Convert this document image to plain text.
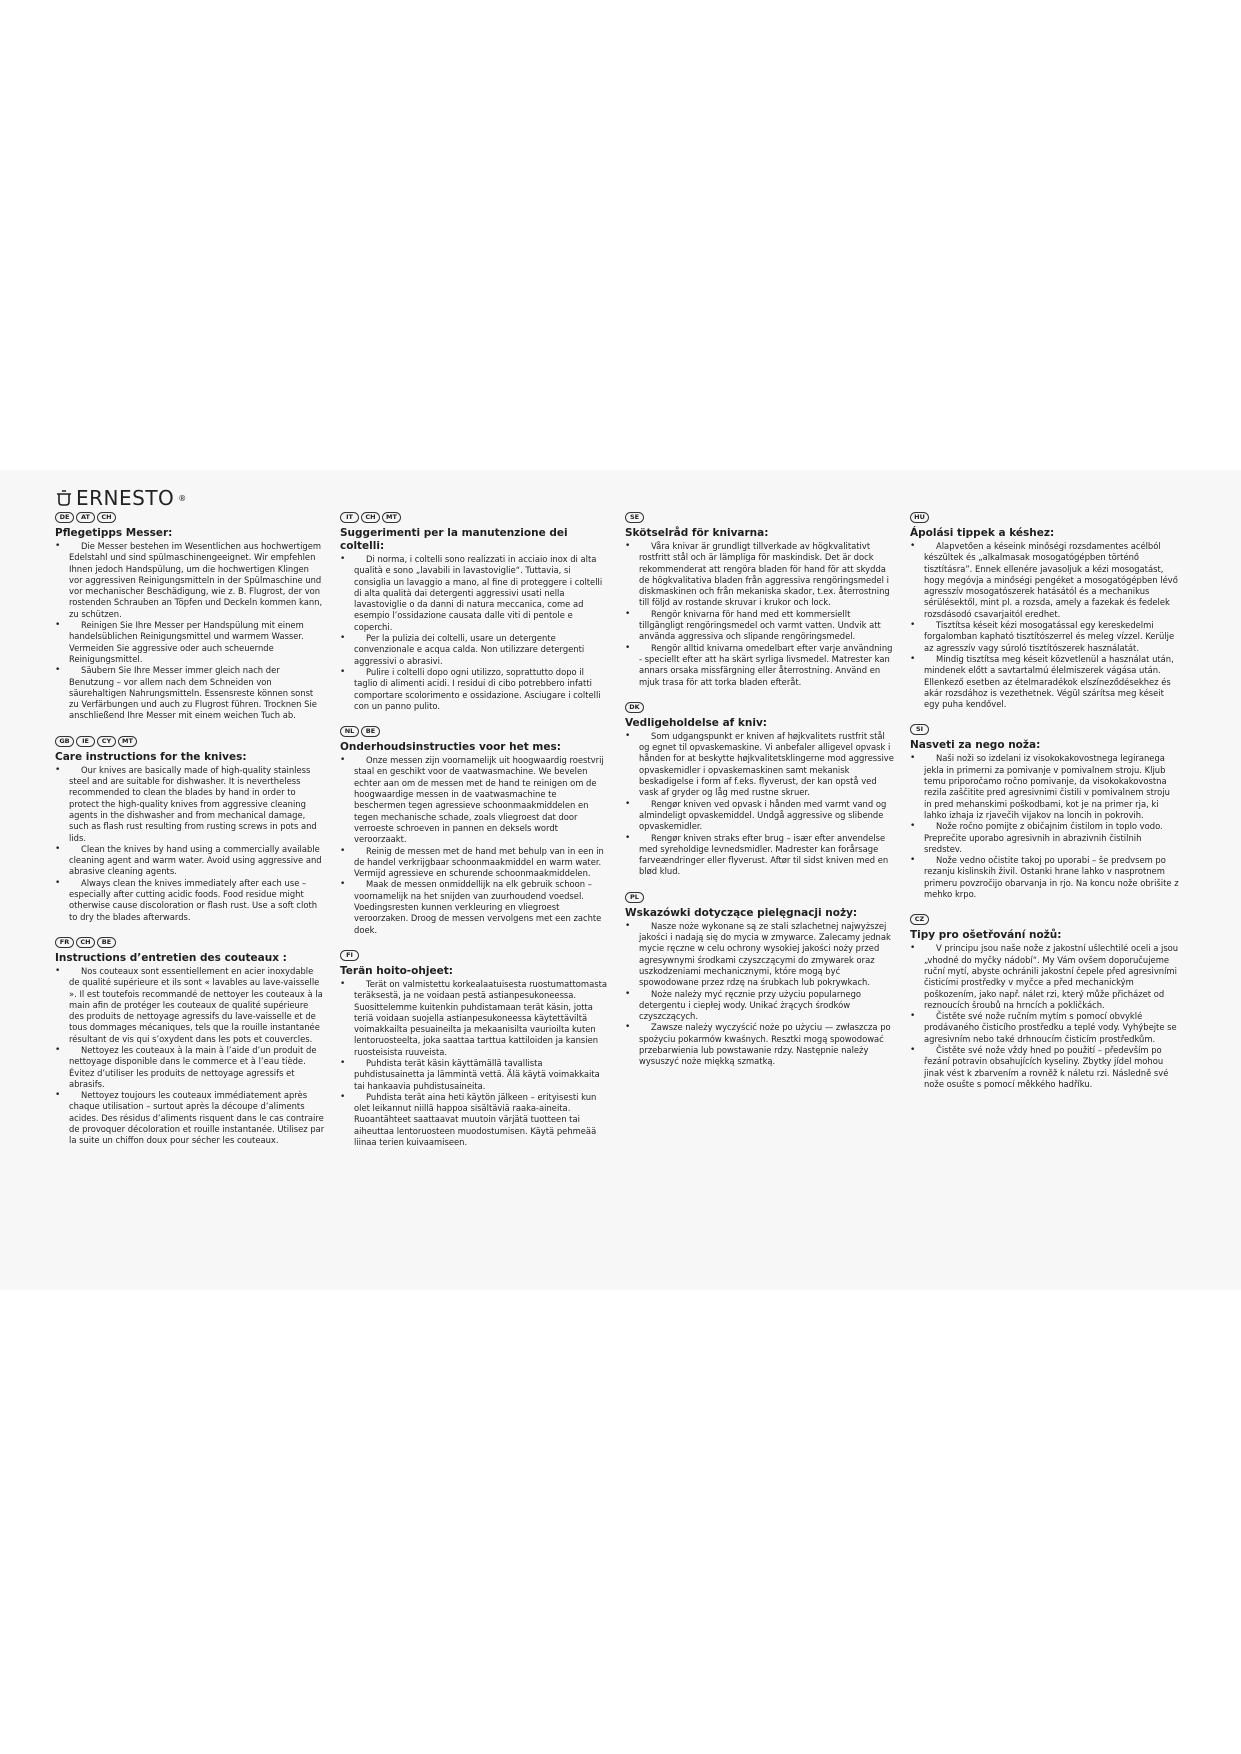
ERNESTO ®
DE	AT	CH
Pflegetipps Messer:
• Die Messer bestehen im Wesentlichen aus hochwertigem Edelstahl und sind spülmaschinengeeignet. Wir empfehlen Ihnen jedoch Handspülung, um die hochwertigen Klingen vor aggressiven Reinigungsmitteln in der Spülmaschine und vor mechanischer Beschädigung, wie z. B. Flugrost, der von rostenden Schrauben an Töpfen und Deckeln kommen kann, zu schützen.
• Reinigen Sie Ihre Messer per Handspülung mit einem handelsüblichen Reinigungsmittel und warmem Wasser. Vermeiden Sie aggressive oder auch scheuernde Reinigungsmittel.
• Säubern Sie Ihre Messer immer gleich nach der Benutzung – vor allem nach dem Schneiden von säurehaltigen Nahrungsmitteln. Essensreste können sonst zu Verfärbungen und auch zu Flugrost führen. Trocknen Sie anschließend Ihre Messer mit einem weichen Tuch ab.
GB	IE	CY	MT
Care instructions for the knives:
• Our knives are basically made of high-quality stainless steel and are suitable for dishwasher. It is nevertheless recommended to clean the blades by hand in order to protect the high-quality knives from aggressive cleaning agents in the dishwasher and from mechanical damage, such as flash rust resulting from rusting screws in pots and lids.
• Clean the knives by hand using a commercially available cleaning agent and warm water. Avoid using aggressive and abrasive cleaning agents.
• Always clean the knives immediately after each use – especially after cutting acidic foods. Food residue might otherwise cause discoloration or flash rust. Use a soft cloth to dry the blades afterwards.
FR	CH	BE
Instructions d’entretien des couteaux :
• Nos couteaux sont essentiellement en acier inoxydable de qualité supérieure et ils sont « lavables au lave-vaisselle ». Il est toutefois recommandé de nettoyer les couteaux à la main afin de protéger les couteaux de qualité supérieure des produits de nettoyage agressifs du lave-vaisselle et de tous dommages mécaniques, tels que la rouille instantanée résultant de vis qui s’oxydent dans les pots et couvercles.
• Nettoyez les couteaux à la main à l’aide d’un produit de nettoyage disponible dans le commerce et à l’eau tiède. Évitez d’utiliser les produits de nettoyage agressifs et abrasifs.
• Nettoyez toujours les couteaux immédiatement après chaque utilisation – surtout après la découpe d’aliments acides. Des résidus d’aliments risquent dans le cas contraire de provoquer décoloration et rouille instantanée. Utilisez par la suite un chiffon doux pour sécher les couteaux.
IT	CH	MT
Suggerimenti per la manutenzione dei coltelli:
• Di norma, i coltelli sono realizzati in acciaio inox di alta qualità e sono „lavabili in lavastoviglie“. Tuttavia, si consiglia un lavaggio a mano, al fine di proteggere i coltelli di alta qualità dai detergenti aggressivi usati nella lavastoviglie o da danni di natura meccanica, come ad esempio l’ossidazione causata dalle viti di pentole e coperchi.
• Per la pulizia dei coltelli, usare un detergente convenzionale e acqua calda. Non utilizzare detergenti aggressivi o abrasivi.
• Pulire i coltelli dopo ogni utilizzo, soprattutto dopo il taglio di alimenti acidi. I residui di cibo potrebbero infatti comportare scolorimento e ossidazione. Asciugare i coltelli con un panno pulito.
NL	BE
Onderhoudsinstructies voor het mes:
• Onze messen zijn voornamelijk uit hoogwaardig roestvrij staal en geschikt voor de vaatwasmachine. We bevelen echter aan om de messen met de hand te reinigen om de hoogwaardige messen in de vaatwasmachine te beschermen tegen agressieve schoonmaakmiddelen en tegen mechanische schade, zoals vliegroest dat door verroeste schroeven in pannen en deksels wordt veroorzaakt.
• Reinig de messen met de hand met behulp van in een in de handel verkrijgbaar schoonmaakmiddel en warm water. Vermijd agressieve en schurende schoonmaakmiddelen.
• Maak de messen onmiddellijk na elk gebruik schoon – voornamelijk na het snijden van zuurhoudend voedsel. Voedingsresten kunnen verkleuring en vliegroest veroorzaken. Droog de messen vervolgens met een zachte doek.
FI
Terän hoito-ohjeet:
• Terät on valmistettu korkealaatuisesta ruostumattomasta teräksestä, ja ne voidaan pestä astianpesukoneessa. Suosittelemme kuitenkin puhdistamaan terät käsin, jotta teriä voidaan suojella astianpesukoneessa käytettäviltä voimakkailta pesuaineilta ja mekaanisilta vaurioilta kuten lentoruosteelta, joka saattaa tarttua kattiloiden ja kansien ruosteisista ruuveista.
• Puhdista terät käsin käyttämällä tavallista puhdistusainetta ja lämmintä vettä. Älä käytä voimakkaita tai hankaavia puhdistusaineita.
• Puhdista terät aina heti käytön jälkeen – erityisesti kun olet leikannut niillä happoa sisältäviä raaka-aineita. Ruoantähteet saattaavat muutoin värjätä tuotteen tai aiheuttaa lentoruosteen muodostumisen. Käytä pehmeää liinaa terien kuivaamiseen.
SE
Skötselråd för knivarna:
• Våra knivar är grundligt tillverkade av högkvalitativt rostfritt stål och är lämpliga för maskindisk. Det är dock rekommenderat att rengöra bladen för hand för att skydda de högkvalitativa bladen från aggressiva rengöringsmedel i diskmaskinen och från mekaniska skador, t.ex. återrostning till följd av rostande skruvar i krukor och lock.
• Rengör knivarna för hand med ett kommersiellt tillgängligt rengöringsmedel och varmt vatten. Undvik att använda aggressiva och slipande rengöringsmedel.
• Rengör alltid knivarna omedelbart efter varje användning - speciellt efter att ha skärt syrliga livsmedel. Matrester kan annars orsaka missfärgning eller återrostning. Använd en mjuk trasa för att torka bladen efteråt.
DK
Vedligeholdelse af kniv:
• Som udgangspunkt er kniven af højkvalitets rustfrit stål og egnet til opvaskemaskine. Vi anbefaler alligevel opvask i hånden for at beskytte højkvalitetsklingerne mod aggressive opvaskemidler i opvaskemaskinen samt mekanisk beskadigelse i form af f.eks. flyverust, der kan opstå ved vask af gryder og låg med rustne skruer.
• Rengør kniven ved opvask i hånden med varmt vand og almindeligt opvaskemiddel. Undgå aggressive og slibende opvaskemidler.
• Rengør kniven straks efter brug – især efter anvendelse med syreholdige levnedsmidler. Madrester kan forårsage farveændringer eller flyverust. Aftør til sidst kniven med en blød klud.
PL
Wskazówki dotyczące pielęgnacji noży:
• Nasze noże wykonane są ze stali szlachetnej najwyższej jakości i nadają się do mycia w zmywarce. Zalecamy jednak mycie ręczne w celu ochrony wysokiej jakości noży przed agresywnymi środkami czyszczącymi do zmywarek oraz uszkodzeniami mechanicznymi, które mogą być spowodowane przez rdzę na śrubkach lub pokrywkach.
• Noże należy myć ręcznie przy użyciu popularnego detergentu i ciepłej wody. Unikać żrących środków czyszczących.
• Zawsze należy wyczyścić noże po użyciu — zwłaszcza po spożyciu pokarmów kwaśnych. Resztki mogą spowodować przebarwienia lub powstawanie rdzy. Następnie należy wysuszyć noże miękką szmatką.
HU
Ápolási tippek a késhez:
• Alapvetően a késeink minőségi rozsdamentes acélból készültek és „alkalmasak mosogatógépben történő tisztításra”. Ennek ellenére javasoljuk a kézi mosogatást, hogy megóvja a minőségi pengéket a mosogatógépben lévő agresszív mosogatószerek hatásától és a mechanikus sérülésektől, mint pl. a rozsda, amely a fazekak és fedelek rozsdásodó csavarjaitól eredhet.
• Tisztítsa késeit kézi mosogatással egy kereskedelmi forgalomban kapható tisztítószerrel és meleg vízzel. Kerülje az agresszív vagy súroló tisztítószerek használatát.
• Mindig tisztítsa meg késeit közvetlenül a használat után, mindenek előtt a savtartalmú élelmiszerek vágása után. Ellenkező esetben az ételmaradékok elszíneződésekhez és akár rozsdához is vezethetnek. Végül szárítsa meg késeit egy puha kendővel.
SI
Nasveti za nego noža:
• Naši noži so izdelani iz visokokakovostnega legiranega jekla in primerni za pomivanje v pomivalnem stroju. Kljub temu priporočamo ročno pomivanje, da visokokakovostna rezila zaščitite pred agresivnimi čistili v pomivalnem stroju in pred mehanskimi poškodbami, kot je na primer rja, ki lahko izhaja iz rjavečih vijakov na loncih in pokrovih.
• Nože ročno pomijte z običajnim čistilom in toplo vodo. Preprečite uporabo agresivnih in abrazivnih čistilnih sredstev.
• Nože vedno očistite takoj po uporabi – še predvsem po rezanju kislinskih živil. Ostanki hrane lahko v nasprotnem primeru povzročijo obarvanja in rjo. Na koncu nože obrišite z mehko krpo.
CZ
Tipy pro ošetřování nožů:
• V principu jsou naše nože z jakostní ušlechtilé oceli a jsou „vhodné do myčky nádobí“. My Vám ovšem doporučujeme ruční mytí, abyste ochránili jakostní čepele před agresivními čisticími prostředky v myčce a před mechanickým poškozením, jako např. nálet rzi, který může přicházet od reznoucích šroubů na hrncích a pokličkách.
• Čistěte své nože ručním mytím s pomocí obvyklé prodávaného čisticího prostředku a teplé vody. Vyhýbejte se agresivním nebo také drhnoucím čisticím prostředkům.
• Čistěte své nože vždy hned po použití – především po řezání potravin obsahujících kyseliny. Zbytky jídel mohou jinak vést k zbarvením a rovněž k náletu rzi. Následně své nože osušte s pomocí měkkého hadříku.
